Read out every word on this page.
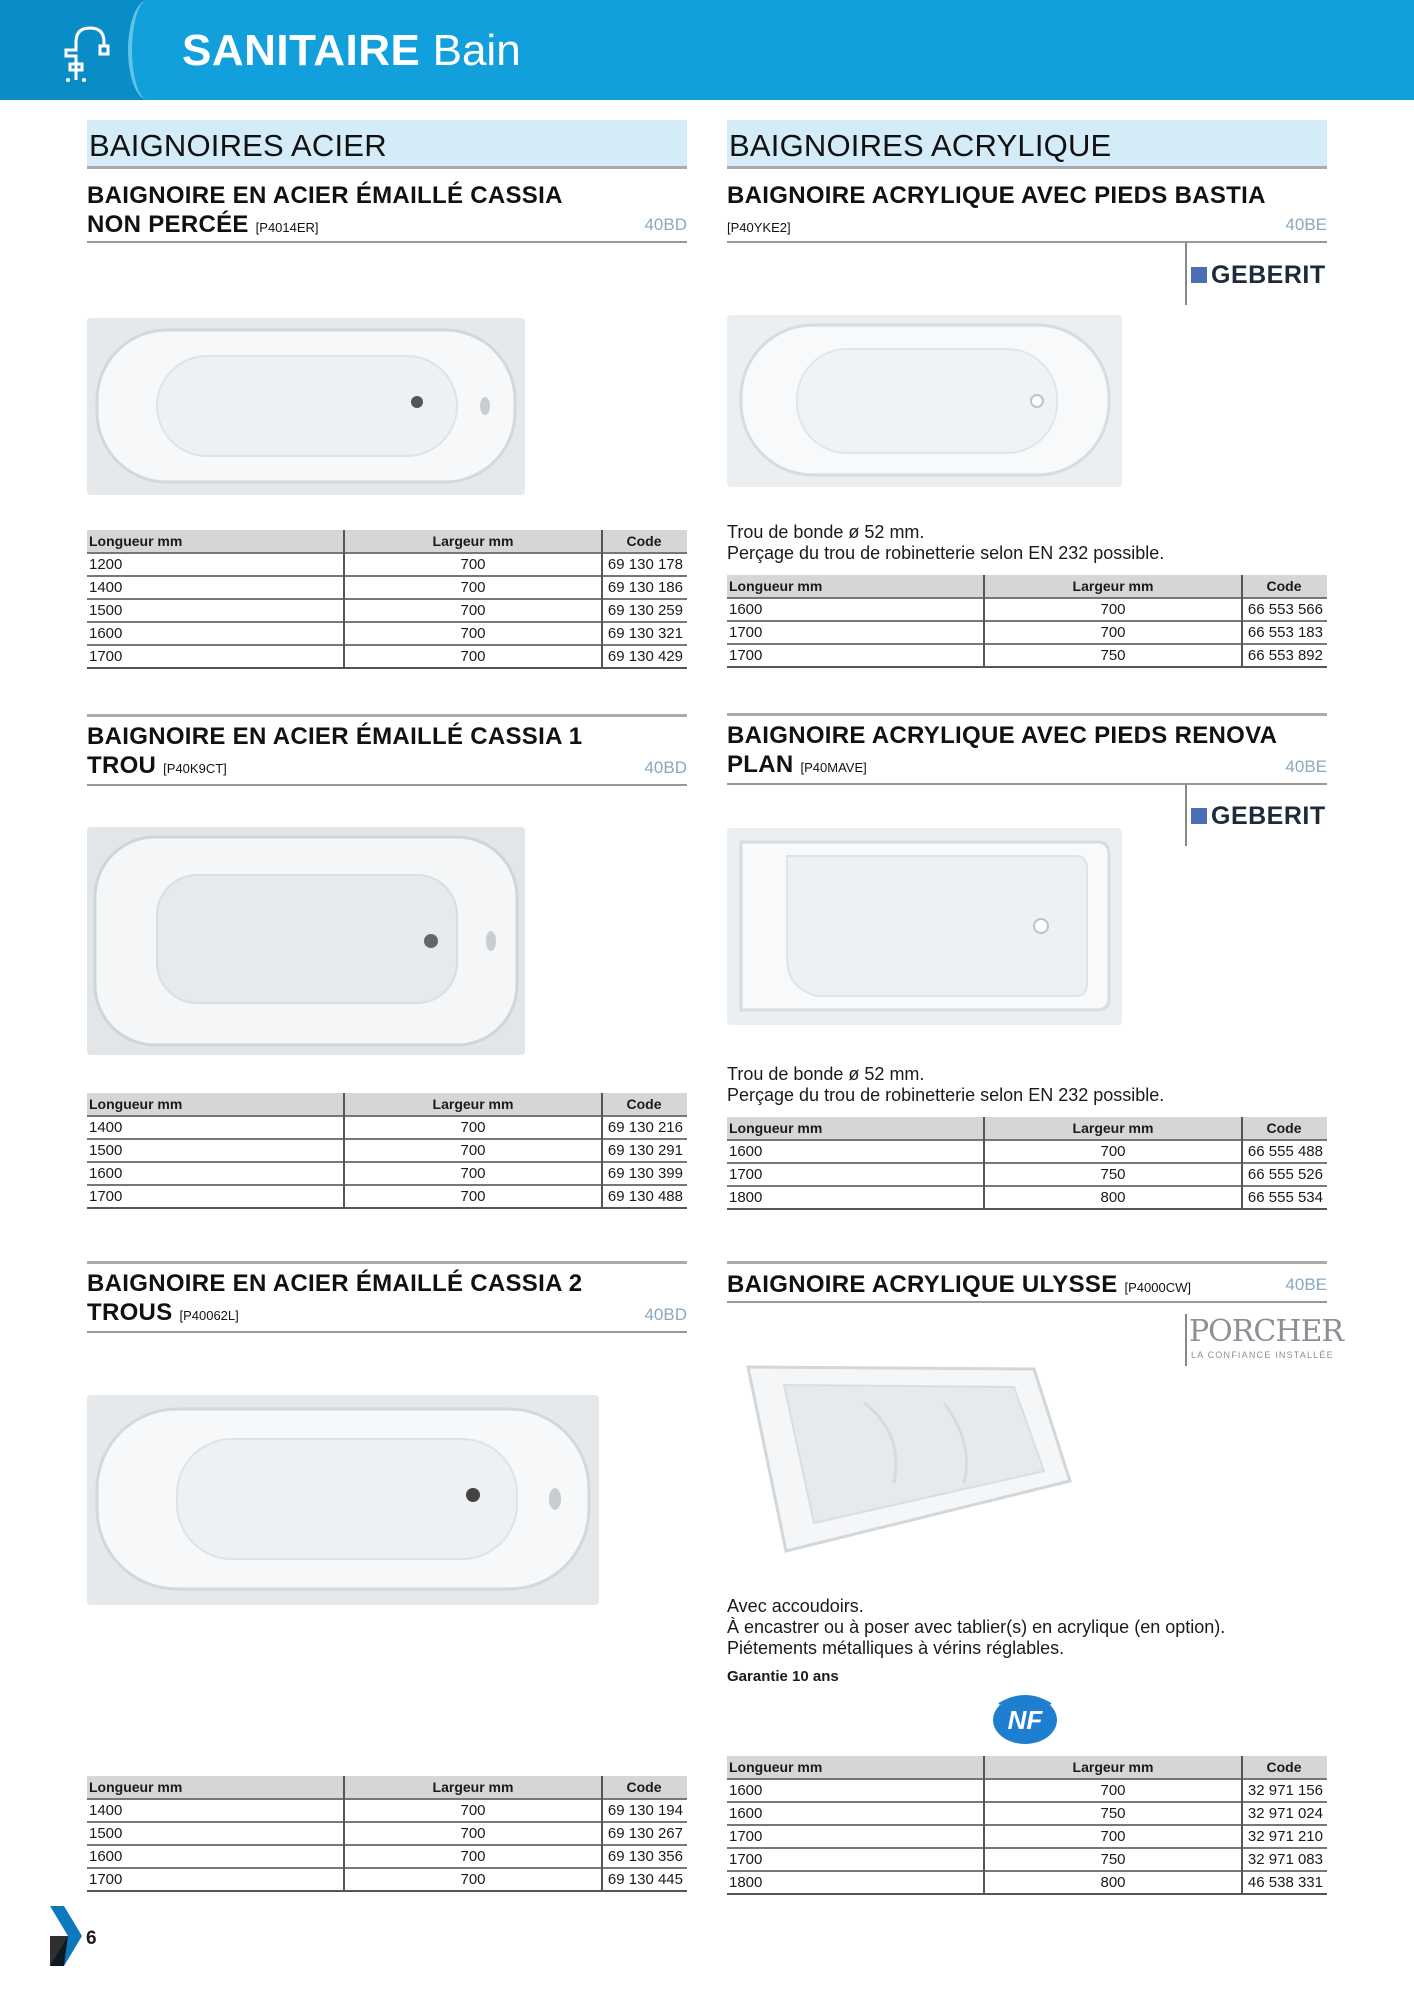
SANITAIRE Bain
BAIGNOIRES ACIER
BAIGNOIRE EN ACIER ÉMAILLÉ CASSIA NON PERCÉE [P4014ER]	40BD
Longueur mm	Largeur mm	Code
1200	700	69 130 178
1400	700	69 130 186
1500	700	69 130 259
1600	700	69 130 321
1700	700	69 130 429
BAIGNOIRE EN ACIER ÉMAILLÉ CASSIA 1 TROU [P40K9CT]	40BD
Longueur mm	Largeur mm	Code
1400	700	69 130 216
1500	700	69 130 291
1600	700	69 130 399
1700	700	69 130 488
BAIGNOIRE EN ACIER ÉMAILLÉ CASSIA 2 TROUS [P40062L]	40BD
Longueur mm	Largeur mm	Code
1400	700	69 130 194
1500	700	69 130 267
1600	700	69 130 356
1700	700	69 130 445
BAIGNOIRES ACRYLIQUE
BAIGNOIRE ACRYLIQUE AVEC PIEDS BASTIA
[P40YKE2]	40BE
GEBERIT

Trou de bonde ø 52 mm.

Perçage du trou de robinetterie selon EN 232 possible.

Longueur mm	Largeur mm	Code
1600	700	66 553 566
1700	700	66 553 183
1700	750	66 553 892
BAIGNOIRE ACRYLIQUE AVEC PIEDS RENOVA PLAN [P40MAVE]	40BE
GEBERIT

Trou de bonde ø 52 mm.

Perçage du trou de robinetterie selon EN 232 possible.

Longueur mm	Largeur mm	Code
1600	700	66 555 488
1700	750	66 555 526
1800	800	66 555 534
BAIGNOIRE ACRYLIQUE ULYSSE [P4000CW]	40BE
PORCHER
LA CONFIANCE INSTALLÉE

Avec accoudoirs.

À encastrer ou à poser avec tablier(s) en acrylique (en option).

Piétements métalliques à vérins réglables.

Garantie 10 ans
NF
Longueur mm	Largeur mm	Code
1600	700	32 971 156
1600	750	32 971 024
1700	700	32 971 210
1700	750	32 971 083
1800	800	46 538 331
6
